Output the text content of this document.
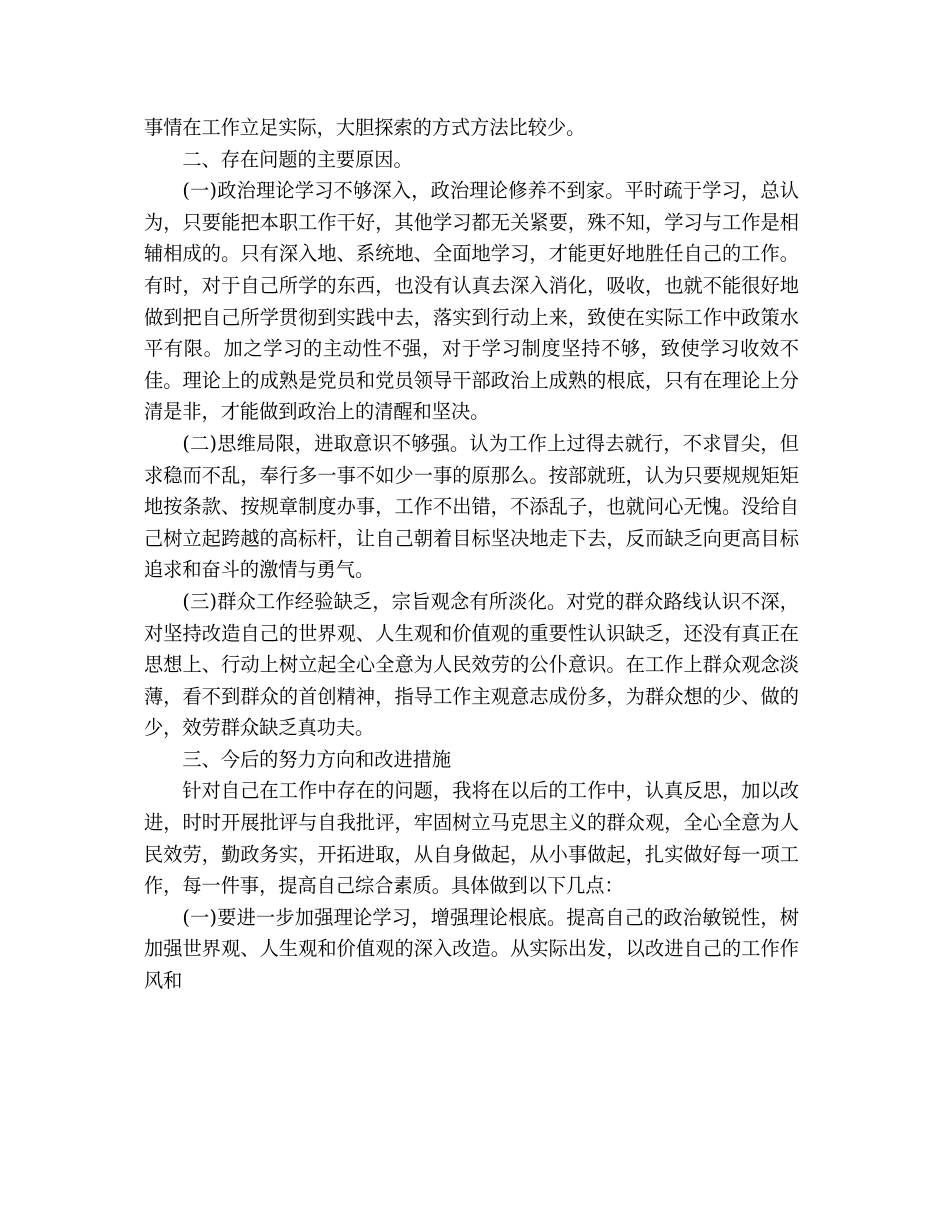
事情在工作立足实际，大胆探索的方式方法比较少。

二、存在问题的主要原因。

(一)政治理论学习不够深入，政治理论修养不到家。平时疏于学习，总认为，只要能把本职工作干好，其他学习都无关紧要，殊不知，学习与工作是相辅相成的。只有深入地、系统地、全面地学习，才能更好地胜任自己的工作。有时，对于自己所学的东西，也没有认真去深入消化，吸收，也就不能很好地做到把自己所学贯彻到实践中去，落实到行动上来，致使在实际工作中政策水平有限。加之学习的主动性不强，对于学习制度坚持不够，致使学习收效不佳。理论上的成熟是党员和党员领导干部政治上成熟的根底，只有在理论上分清是非，才能做到政治上的清醒和坚决。

(二)思维局限，进取意识不够强。认为工作上过得去就行，不求冒尖，但求稳而不乱，奉行多一事不如少一事的原那么。按部就班，认为只要规规矩矩地按条款、按规章制度办事，工作不出错，不添乱子，也就问心无愧。没给自己树立起跨越的高标杆，让自己朝着目标坚决地走下去，反而缺乏向更高目标追求和奋斗的激情与勇气。

(三)群众工作经验缺乏，宗旨观念有所淡化。对党的群众路线认识不深，对坚持改造自己的世界观、人生观和价值观的重要性认识缺乏，还没有真正在思想上、行动上树立起全心全意为人民效劳的公仆意识。在工作上群众观念淡薄，看不到群众的首创精神，指导工作主观意志成份多，为群众想的少、做的少，效劳群众缺乏真功夫。

三、今后的努力方向和改进措施

针对自己在工作中存在的问题，我将在以后的工作中，认真反思，加以改进，时时开展批评与自我批评，牢固树立马克思主义的群众观，全心全意为人民效劳，勤政务实，开拓进取，从自身做起，从小事做起，扎实做好每一项工作，每一件事，提高自己综合素质。具体做到以下几点：

(一)要进一步加强理论学习，增强理论根底。提高自己的政治敏锐性，树加强世界观、人生观和价值观的深入改造。从实际出发，以改进自己的工作作风和
